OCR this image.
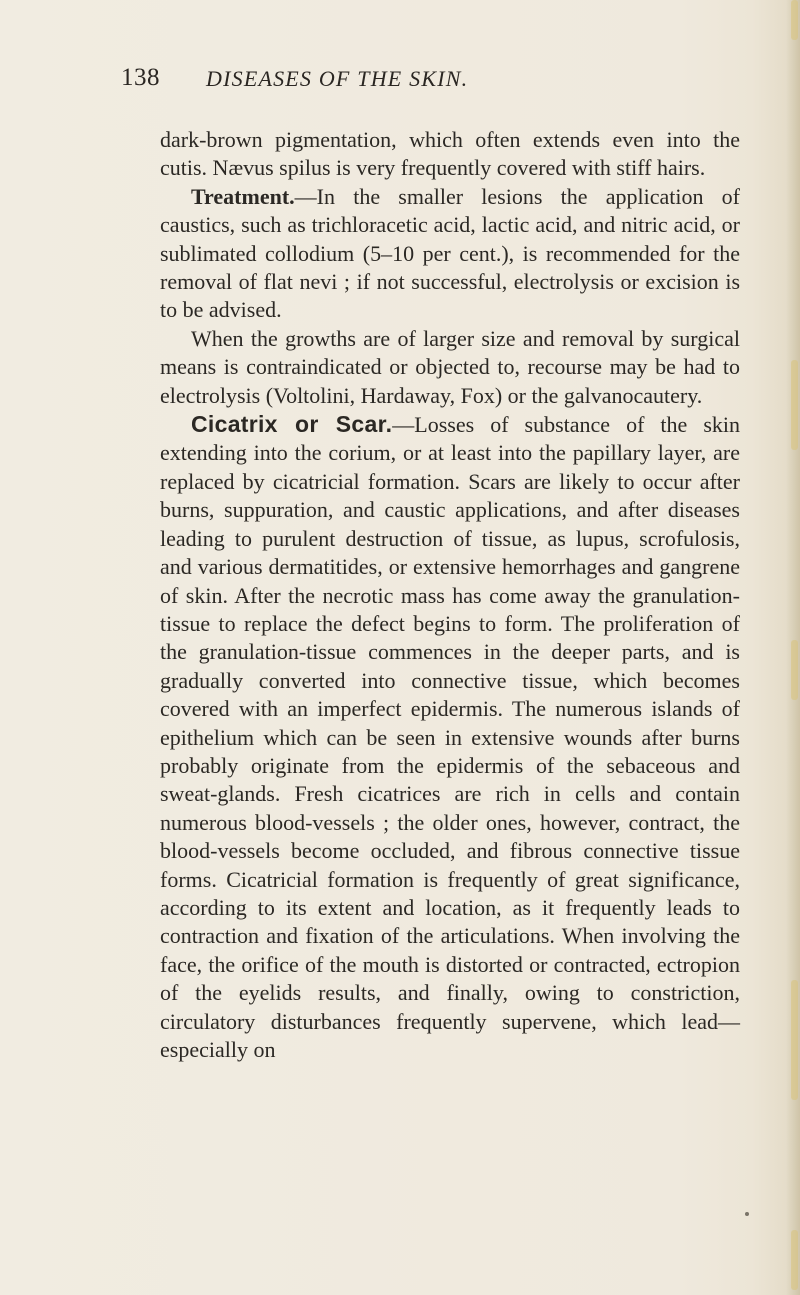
138 DISEASES OF THE SKIN.

dark-brown pigmentation, which often extends even into the cutis. Nævus spilus is very frequently covered with stiff hairs.

Treatment.—In the smaller lesions the application of caustics, such as trichloracetic acid, lactic acid, and nitric acid, or sublimated collodium (5–10 per cent.), is recommended for the removal of flat nevi ; if not successful, electrolysis or excision is to be advised.

When the growths are of larger size and removal by surgical means is contraindicated or objected to, recourse may be had to electrolysis (Voltolini, Hardaway, Fox) or the galvanocautery.

Cicatrix or Scar.—Losses of substance of the skin extending into the corium, or at least into the papillary layer, are replaced by cicatricial formation. Scars are likely to occur after burns, suppuration, and caustic applications, and after diseases leading to purulent destruction of tissue, as lupus, scrofulosis, and various dermatitides, or extensive hemorrhages and gangrene of skin. After the necrotic mass has come away the granulation-tissue to replace the defect begins to form. The proliferation of the granulation-tissue commences in the deeper parts, and is gradually converted into connective tissue, which becomes covered with an imperfect epidermis. The numerous islands of epithelium which can be seen in extensive wounds after burns probably originate from the epidermis of the sebaceous and sweat-glands. Fresh cicatrices are rich in cells and contain numerous blood-vessels ; the older ones, however, contract, the blood-vessels become occluded, and fibrous connective tissue forms. Cicatricial formation is frequently of great significance, according to its extent and location, as it frequently leads to contraction and fixation of the articulations. When involving the face, the orifice of the mouth is distorted or contracted, ectropion of the eyelids results, and finally, owing to constriction, circulatory disturbances frequently supervene, which lead—especially on
